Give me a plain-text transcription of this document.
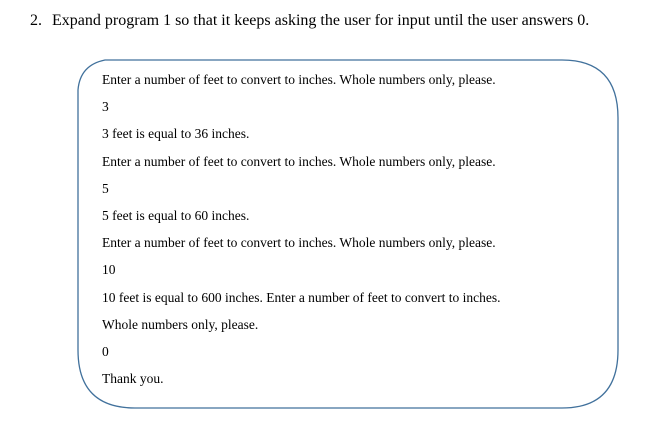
2. Expand program 1 so that it keeps asking the user for input until the user answers 0.
Enter a number of feet to convert to inches. Whole numbers only, please.
3
3 feet is equal to 36 inches.
Enter a number of feet to convert to inches. Whole numbers only, please.
5
5 feet is equal to 60 inches.
Enter a number of feet to convert to inches. Whole numbers only, please.
10
10 feet is equal to 600 inches. Enter a number of feet to convert to inches.
Whole numbers only, please.
0
Thank you.
